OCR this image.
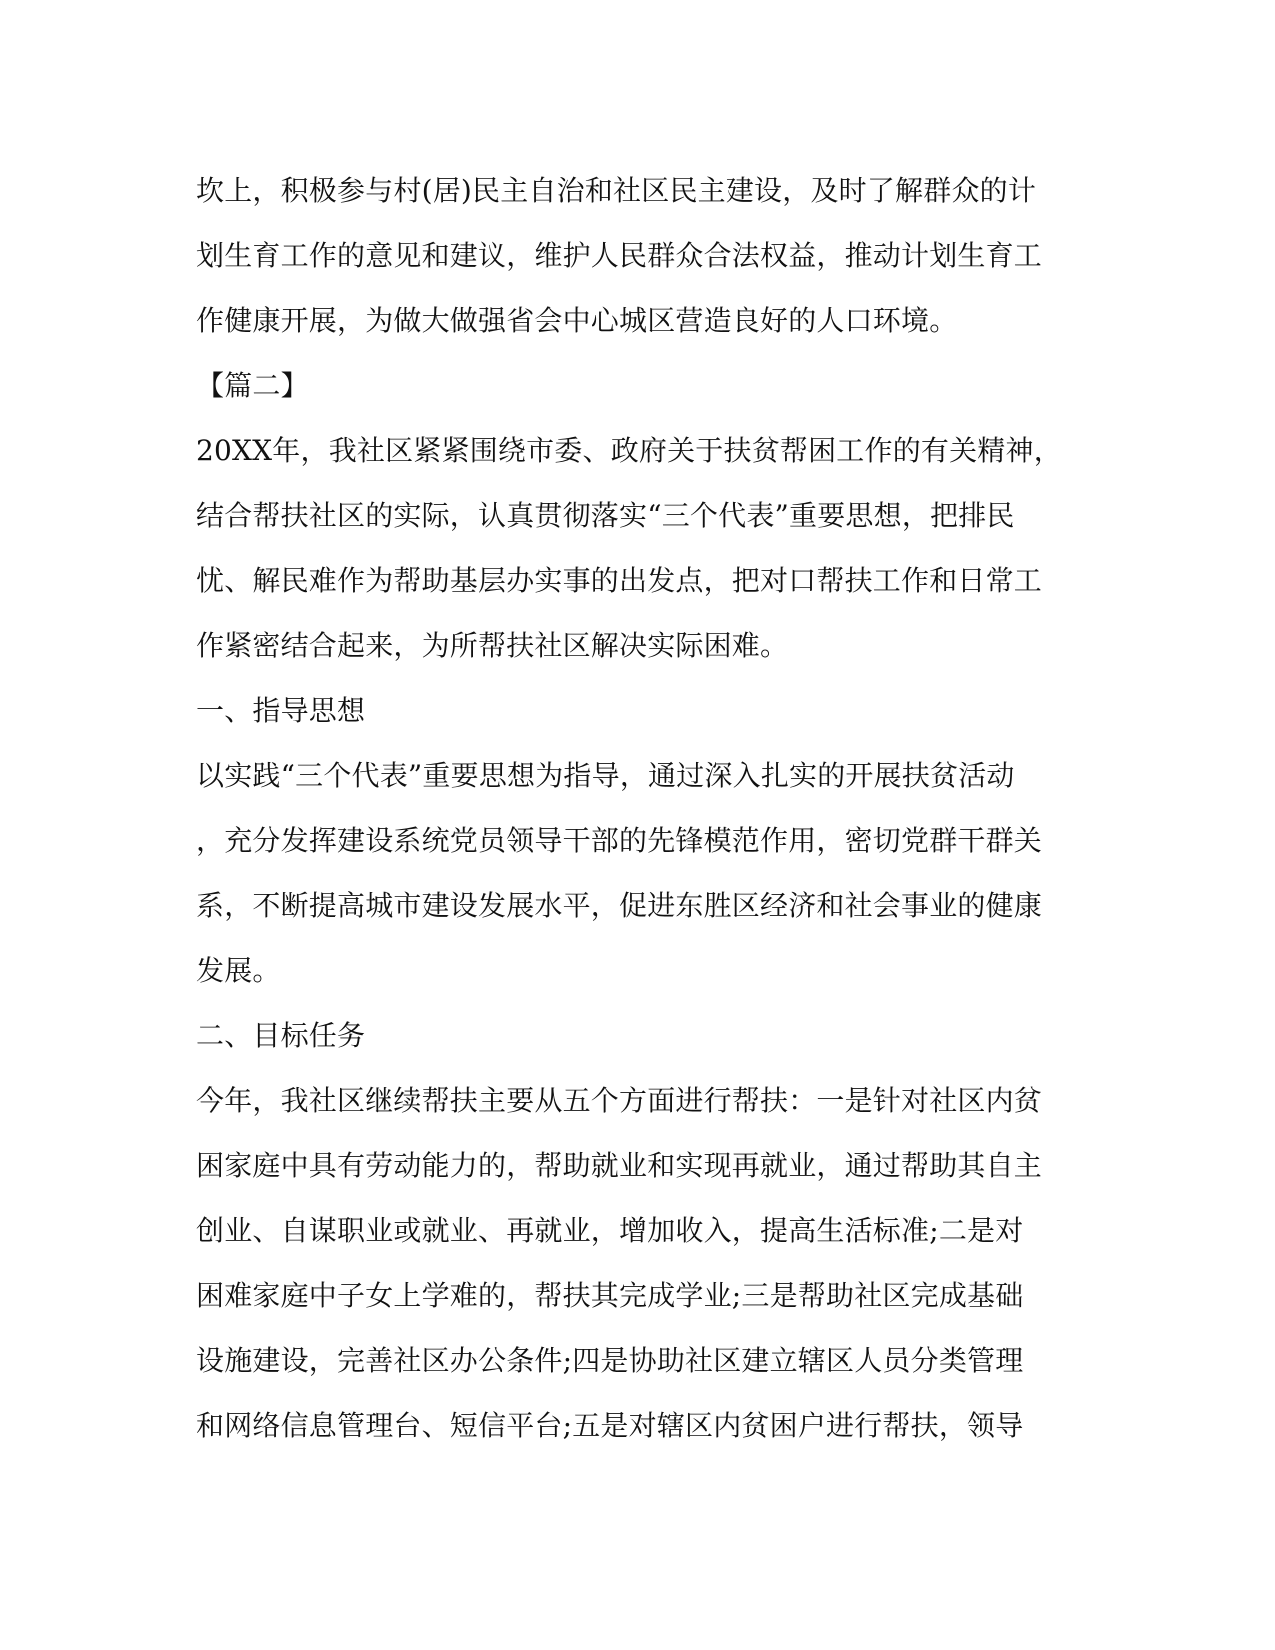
坎上，积极参与村(居)民主自治和社区民主建设，及时了解群众的计
划生育工作的意见和建议，维护人民群众合法权益，推动计划生育工
作健康开展，为做大做强省会中心城区营造良好的人口环境。
【篇二】
20XX年，我社区紧紧围绕市委、政府关于扶贫帮困工作的有关精神，
结合帮扶社区的实际，认真贯彻落实“三个代表”重要思想，把排民
忧、解民难作为帮助基层办实事的出发点，把对口帮扶工作和日常工
作紧密结合起来，为所帮扶社区解决实际困难。
一、指导思想
以实践“三个代表”重要思想为指导，通过深入扎实的开展扶贫活动
，充分发挥建设系统党员领导干部的先锋模范作用，密切党群干群关
系，不断提高城市建设发展水平，促进东胜区经济和社会事业的健康
发展。
二、目标任务
今年，我社区继续帮扶主要从五个方面进行帮扶：一是针对社区内贫
困家庭中具有劳动能力的，帮助就业和实现再就业，通过帮助其自主
创业、自谋职业或就业、再就业，增加收入，提高生活标准;二是对
困难家庭中子女上学难的，帮扶其完成学业;三是帮助社区完成基础
设施建设，完善社区办公条件;四是协助社区建立辖区人员分类管理
和网络信息管理台、短信平台;五是对辖区内贫困户进行帮扶，领导
